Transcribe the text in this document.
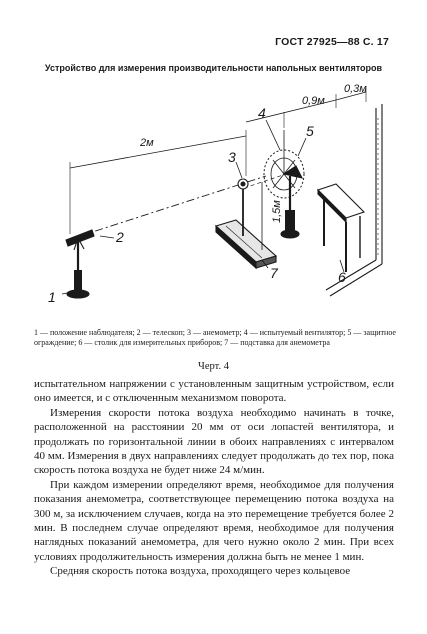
ГОСТ 27925—88 С. 17
Устройство для измерения производительности напольных вентиляторов
2м
0,9м
0,3м
1,5м
1
2
3
4
5
6
7
1 — положение наблюдателя; 2 — телескоп; 3 — анемометр; 4 — испытуемый вентилятор; 5 — защитное ограждение; 6 — столик для измерительных приборов; 7 — подставка для анемометра
Черт. 4

испытательном напряжении с установленным защитным устройством, если оно имеется, и с отключенным механизмом поворота.

Измерения скорости потока воздуха необходимо начинать в точке, расположенной на расстоянии 20 мм от оси лопастей вентилятора, и продолжать по горизонтальной линии в обоих направлениях с интервалом 40 мм. Измерения в двух направлениях следует продолжать до тех пор, пока скорость потока воздуха не будет ниже 24 м/мин.

При каждом измерении определяют время, необходимое для получения показания анемометра, соответствующее перемещению потока воздуха на 300 м, за исключением случаев, когда на это перемещение требуется более 2 мин. В последнем случае определяют время, необходимое для получения наглядных показаний анемометра, для чего нужно около 2 мин. При всех условиях продолжительность измерения должна быть не менее 1 мин.

Средняя скорость потока воздуха, проходящего через кольцевое
